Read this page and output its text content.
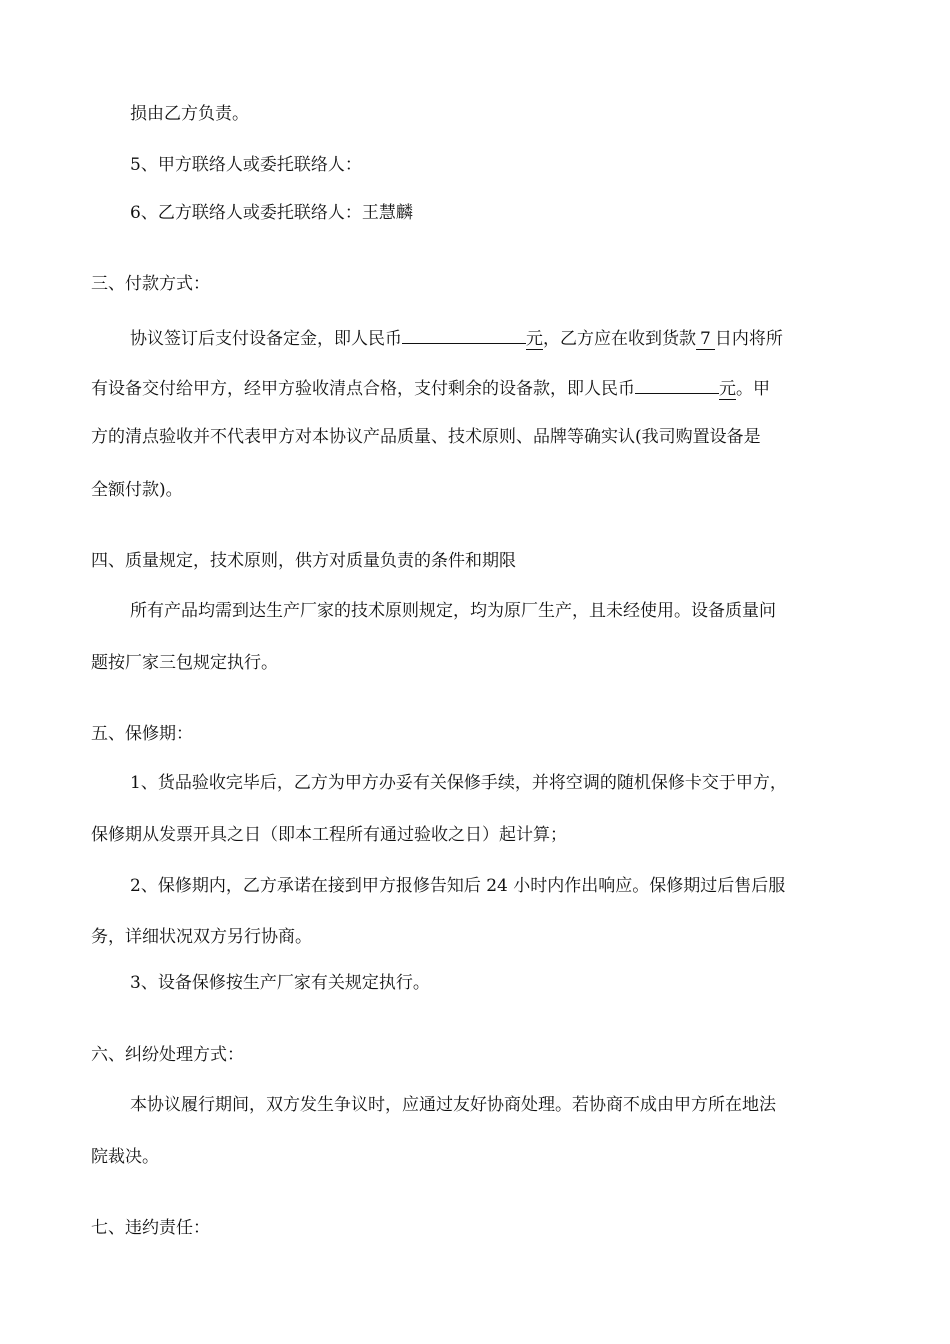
损由乙方负责。

5、甲方联络人或委托联络人：

6、乙方联络人或委托联络人：王慧麟

三、付款方式：

协议签订后支付设备定金，即人民币	元，乙方应在收到货款 7 日内将所

有设备交付给甲方，经甲方验收清点合格，支付剩余的设备款，即人民币	元。甲

方的清点验收并不代表甲方对本协议产品质量、技术原则、品牌等确实认(我司购置设备是

全额付款)。

四、质量规定，技术原则，供方对质量负责的条件和期限

所有产品均需到达生产厂家的技术原则规定，均为原厂生产，且未经使用。设备质量问

题按厂家三包规定执行。

五、保修期：

1、货品验收完毕后，乙方为甲方办妥有关保修手续，并将空调的随机保修卡交于甲方，

保修期从发票开具之日（即本工程所有通过验收之日）起计算；

2、保修期内，乙方承诺在接到甲方报修告知后 24 小时内作出响应。保修期过后售后服

务，详细状况双方另行协商。

3、设备保修按生产厂家有关规定执行。

六、纠纷处理方式：

本协议履行期间，双方发生争议时，应通过友好协商处理。若协商不成由甲方所在地法

院裁决。

七、违约责任：
